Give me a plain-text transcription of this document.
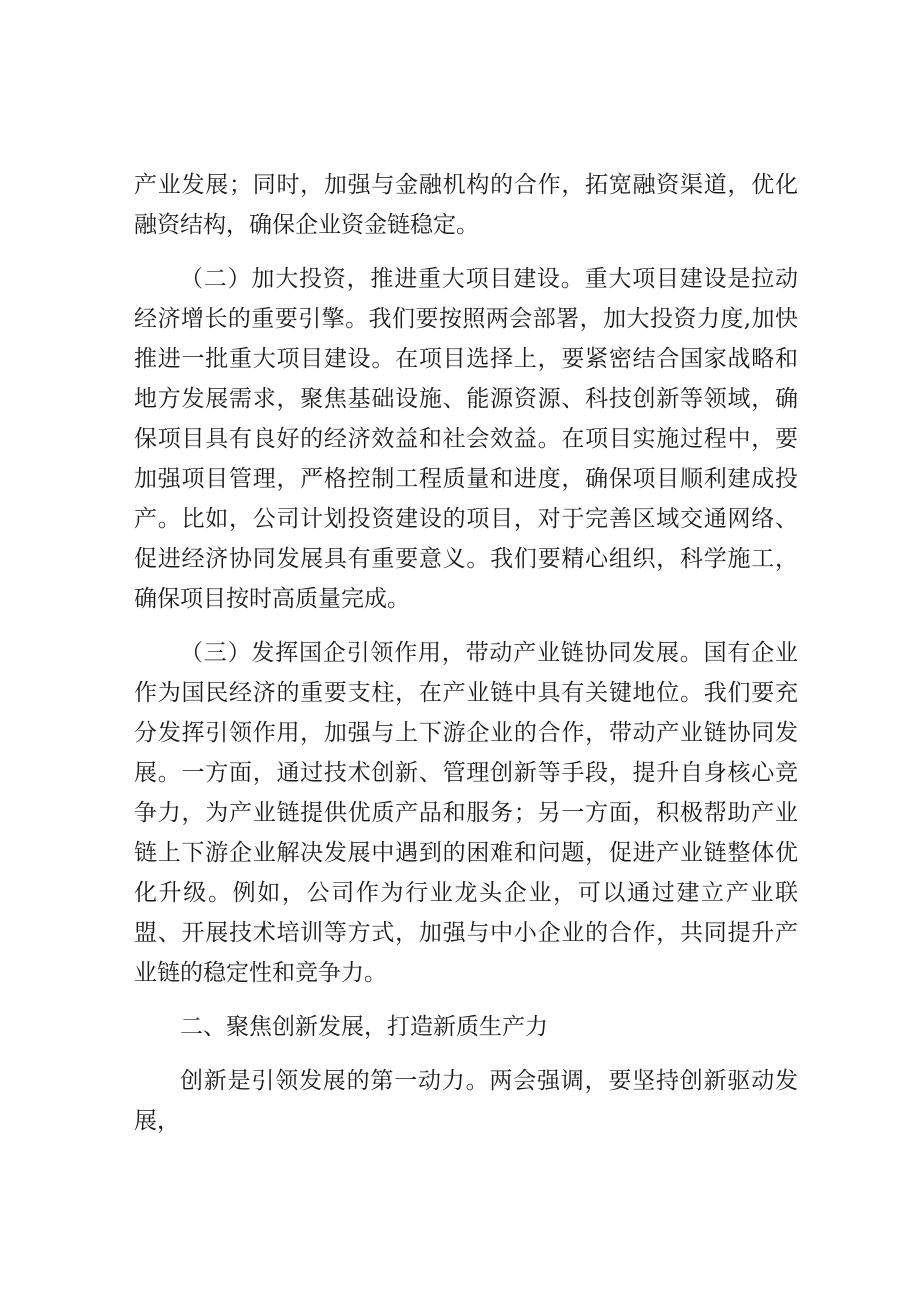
产业发展；同时，加强与金融机构的合作，拓宽融资渠道，优化融资结构，确保企业资金链稳定。

（二）加大投资，推进重大项目建设。重大项目建设是拉动经济增长的重要引擎。我们要按照两会部署，加大投资力度,加快推进一批重大项目建设。在项目选择上，要紧密结合国家战略和地方发展需求，聚焦基础设施、能源资源、科技创新等领域，确保项目具有良好的经济效益和社会效益。在项目实施过程中，要加强项目管理，严格控制工程质量和进度，确保项目顺利建成投产。比如，公司计划投资建设的项目，对于完善区域交通网络、促进经济协同发展具有重要意义。我们要精心组织，科学施工，确保项目按时高质量完成。

（三）发挥国企引领作用，带动产业链协同发展。国有企业作为国民经济的重要支柱，在产业链中具有关键地位。我们要充分发挥引领作用，加强与上下游企业的合作，带动产业链协同发展。一方面，通过技术创新、管理创新等手段，提升自身核心竞争力，为产业链提供优质产品和服务；另一方面，积极帮助产业链上下游企业解决发展中遇到的困难和问题，促进产业链整体优化升级。例如，公司作为行业龙头企业，可以通过建立产业联盟、开展技术培训等方式，加强与中小企业的合作，共同提升产业链的稳定性和竞争力。

二、聚焦创新发展，打造新质生产力

创新是引领发展的第一动力。两会强调，要坚持创新驱动发展，
